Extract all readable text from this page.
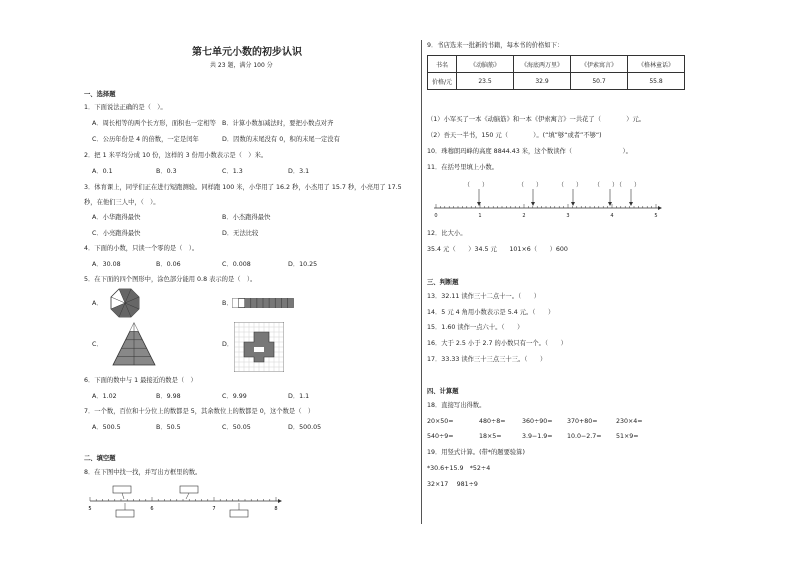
第七单元小数的初步认识
共 23 题，满分 100 分
一、选择题
1．下面说法正确的是（　）。
A．周长相等的两个长方形，面积也一定相等 B．计算小数加减法时，要把小数点对齐
C．公历年份是 4 的倍数，一定是闰年	D．因数的末尾没有 0，积的末尾一定没有
2．把 1 米平均分成 10 份，这样的 3 份用小数表示是（　）米。
A．0.1	B．0.3	C．1.3	D．3.1
3．体育课上，同学们正在进行短跑测验。同样跑 100 米，小华用了 16.2 秒，小杰用了 15.7 秒，小亮用了 17.5
秒，在他们三人中，（　）。
A．小华跑得最快	B．小杰跑得最快
C．小亮跑得最快	D．无法比较
4．下面的小数，只读一个零的是（　）。
A．30.08	B．0.06	C．0.008	D．10.25
5．在下面的四个图形中，涂色部分能用 0.8 表示的是（　）。
A．	B．
C．	D．
6．下面的数中与 1 最接近的数是（　）
A．1.02	B．9.98	C．9.99	D．1.1
7．一个数，百位和十分位上的数都是 5，其余数位上的数都是 0，这个数是（　）
A．500.5	B．50.5	C．50.05	D．500.05
二、填空题
8．在下图中找一找，并写出方框里的数。
5	6	7	8
9．书店选来一批新的书籍，每本书的价格如下：
书名	《动脑筋》	《海底两万里》	《伊索寓言》	《格林童话》
价格/元	23.5	32.9	50.7	55.8
（1）小军买了一本《动脑筋》和一本《伊索寓言》一共花了（　　　　）元。
（2）吾天一半书，150 元（　　　　）。(“填”够“或者”不够“)
10．珠穆朗玛峰的高度 8844.43 米，这个数读作（　　　　　　　　）。
11．在括号里填上小数。
（　　）	（　　）	（　　） （　　）
（　　）
0	1	2	3	4	5
12．比大小。
35.4 元（　　）34.5 元　　101×6（　　）600
三、判断题
13．32.11 读作三十二点十一。（　　）
14．5 元 4 角用小数表示是 5.4 元。（　　）
15．1.60 读作一点六十。（　　）
16．大于 2.5 小于 2.7 的小数只有一个。（　　）
17．33.33 读作三十三点三十三。（　　）
四、计算题
18．直接写出得数。
20×50=	480÷8=	360÷90= 370+80=	230×4=
540÷9=	18×5=	3.9−1.9= 10.0−2.7= 51×9=
19．用竖式计算。(带*的题要验算)
*30.6+15.9　*52÷4
32×17　 981÷9
